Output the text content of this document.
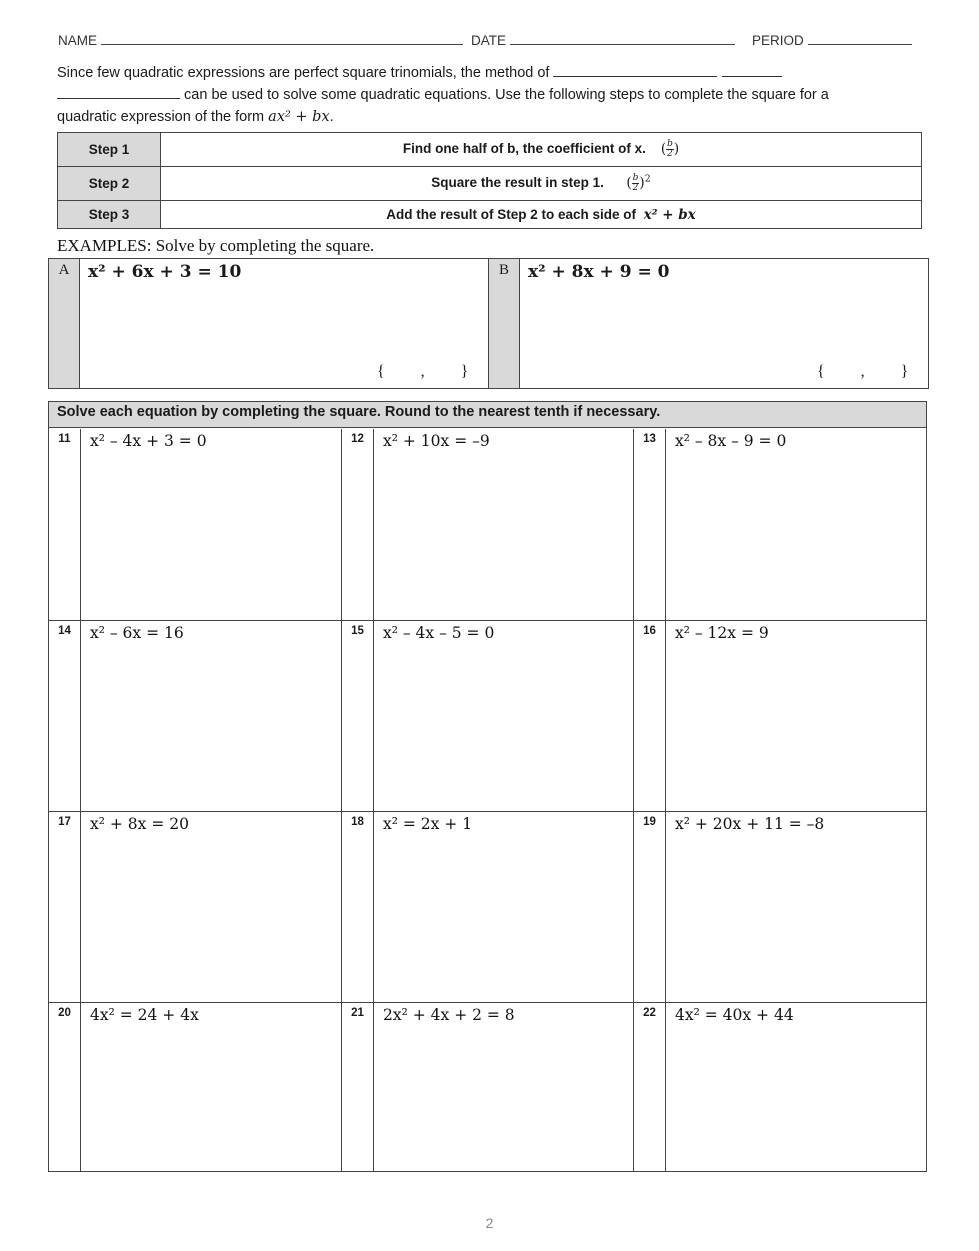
NAME	DATE	PERIOD
Since few quadratic expressions are perfect square trinomials, the method of
can be used to solve some quadratic equations. Use the following steps to complete the square for a
quadratic expression of the form ax² + bx.
Step 1	Find one half of b, the coefficient of x. ( $\frac{b}{2}$ )
Step 2	Square the result in step 1. ( $\frac{b}{2} )^2$
Step 3	Add the result of Step 2 to each side of x² + bx
EXAMPLES: Solve by completing the square.
A	x² + 6x + 3 = 10
{         ,         }
B	x² + 8x + 9 = 0
{         ,         }
Solve each equation by completing the square. Round to the nearest tenth if necessary.
11	x² – 4x + 3 = 0	12	x² + 10x = –9	13	x² – 8x – 9 = 0
14	x² – 6x = 16	15	x² – 4x – 5 = 0	16	x² – 12x = 9
17	x² + 8x = 20	18	x² = 2x + 1	19	x² + 20x + 11 = –8
20	4x² = 24 + 4x	21	2x² + 4x + 2 = 8	22	4x² = 40x + 44
2
